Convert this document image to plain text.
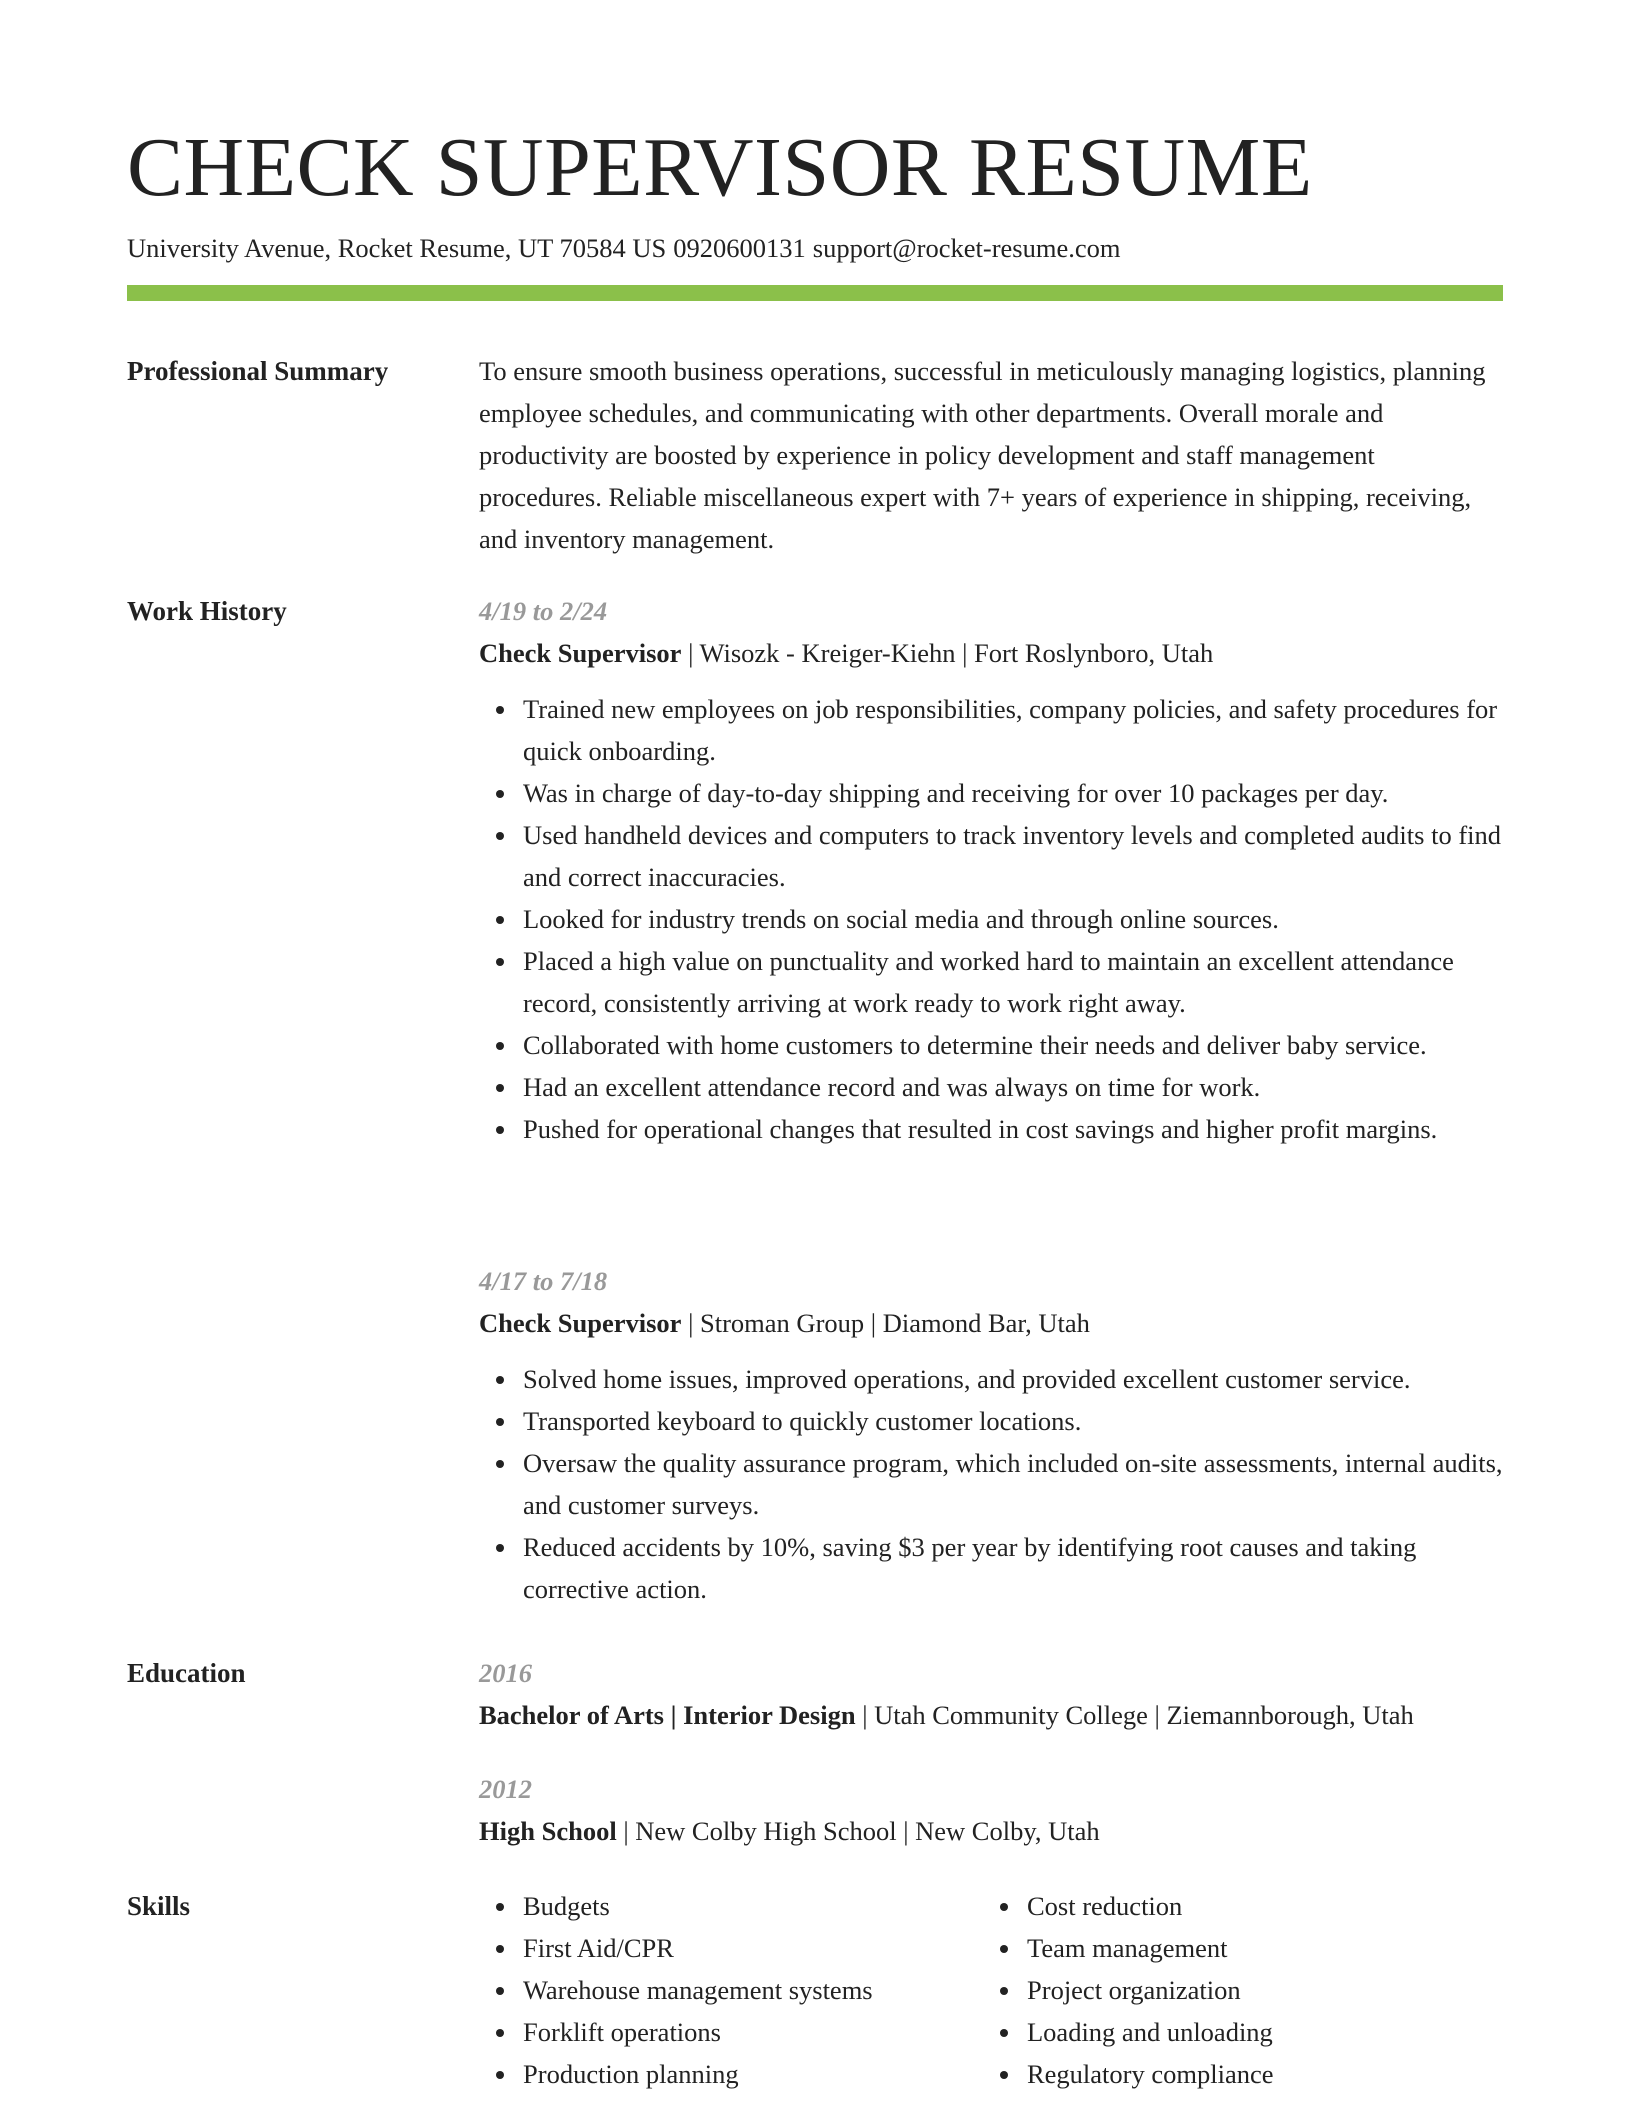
CHECK SUPERVISOR RESUME
University Avenue, Rocket Resume, UT 70584 US 0920600131 support@rocket-resume.com
Professional Summary	To ensure smooth business operations, successful in meticulously managing logistics, planning employee schedules, and communicating with other departments. Overall morale and productivity are boosted by experience in policy development and staff management procedures. Reliable miscellaneous expert with 7+ years of experience in shipping, receiving, and inventory management.
Work History	4/19 to 2/24
Check Supervisor | Wisozk - Kreiger-Kiehn | Fort Roslynboro, Utah
Trained new employees on job responsibilities, company policies, and safety procedures for quick onboarding.
Was in charge of day-to-day shipping and receiving for over 10 packages per day.
Used handheld devices and computers to track inventory levels and completed audits to find and correct inaccuracies.
Looked for industry trends on social media and through online sources.
Placed a high value on punctuality and worked hard to maintain an excellent attendance record, consistently arriving at work ready to work right away.
Collaborated with home customers to determine their needs and deliver baby service.
Had an excellent attendance record and was always on time for work.
Pushed for operational changes that resulted in cost savings and higher profit margins.
4/17 to 7/18
Check Supervisor | Stroman Group | Diamond Bar, Utah
Solved home issues, improved operations, and provided excellent customer service.
Transported keyboard to quickly customer locations.
Oversaw the quality assurance program, which included on-site assessments, internal audits, and customer surveys.
Reduced accidents by 10%, saving $3 per year by identifying root causes and taking corrective action.
Education	2016
Bachelor of Arts | Interior Design | Utah Community College | Ziemannborough, Utah
2012
High School | New Colby High School | New Colby, Utah
Skills	Budgets
First Aid/CPR
Warehouse management systems
Forklift operations
Production planning
Cost reduction
Team management
Project organization
Loading and unloading
Regulatory compliance
